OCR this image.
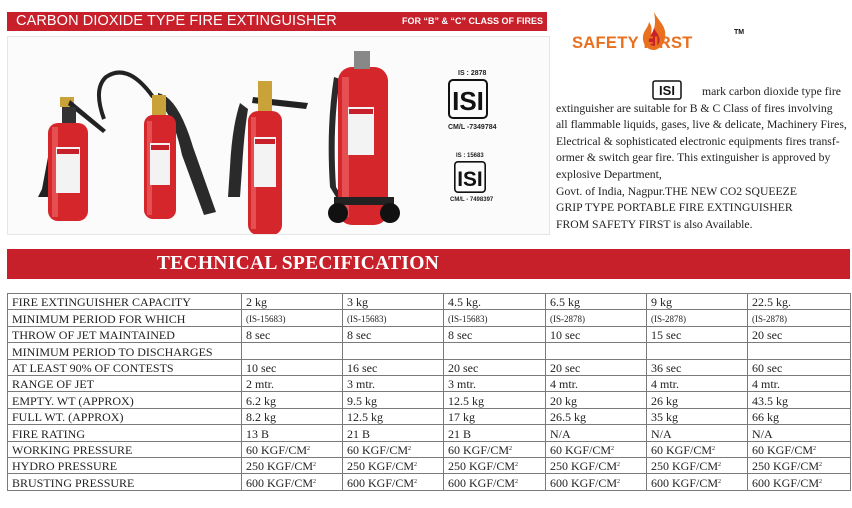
CARBON DIOXIDE TYPE FIRE EXTINGUISHER	FOR “B” & “C” CLASS OF FIRES
IS : 2878
ISI
CM/L -7349784
IS : 15683
ISI
CM/L - 7498397
SAFETY FIRST
TM

ISI mark carbon dioxide type fire

extinguisher are suitable for B & C Class of fires involving

all flammable liquids, gases, live & delicate, Machinery Fires,

Electrical & sophisticated electronic equipments fires transf-

ormer & switch gear fire. This extinguisher is approved by

explosive Department,

Govt. of India, Nagpur.THE NEW CO2 SQUEEZE

GRIP TYPE PORTABLE FIRE EXTINGUISHER

FROM SAFETY FIRST is also Available.

TECHNICAL SPECIFICATION
FIRE EXTINGUISHER CAPACITY	2 kg	3 kg	4.5 kg.	6.5 kg	9 kg	22.5 kg.
MINIMUM PERIOD FOR WHICH	(IS-15683)	(IS-15683)	(IS-15683)	(IS-2878)	(IS-2878)	(IS-2878)
THROW OF JET MAINTAINED	8 sec	8 sec	8 sec	10 sec	15 sec	20 sec
MINIMUM PERIOD TO DISCHARGES						
AT LEAST 90% OF CONTESTS	10 sec	16 sec	20 sec	20 sec	36 sec	60 sec
RANGE OF JET	2 mtr.	3 mtr.	3 mtr.	4 mtr.	4 mtr.	4 mtr.
EMPTY. WT (APPROX)	6.2 kg	9.5 kg	12.5 kg	20 kg	26 kg	43.5 kg
FULL WT. (APPROX)	8.2 kg	12.5 kg	17 kg	26.5 kg	35 kg	66 kg
FIRE RATING	13 B	21 B	21 B	N/A	N/A	N/A
WORKING PRESSURE	60 KGF/$CM^2$	60 KGF/$CM^2$	60 KGF/$CM^2$	60 KGF/$CM^2$	60 KGF/$CM^2$	60 KGF/$CM^2$
HYDRO PRESSURE	250 KGF/$CM^2$	250 KGF/$CM^2$	250 KGF/$CM^2$	250 KGF/$CM^2$	250 KGF/$CM^2$	250 KGF/$CM^2$
BRUSTING PRESSURE	600 KGF/$CM^2$	600 KGF/$CM^2$	600 KGF/$CM^2$	600 KGF/$CM^2$	600 KGF/$CM^2$	600 KGF/$CM^2$
